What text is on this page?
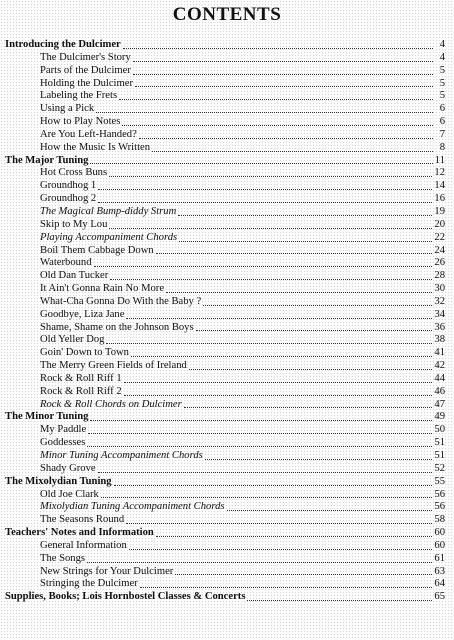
CONTENTS
Introducing the Dulcimer	4
The Dulcimer's Story	4
Parts of the Dulcimer	5
Holding the Dulcimer	5
Labeling the Frets	5
Using a Pick	6
How to Play Notes	6
Are You Left-Handed?	7
How the Music Is Written	8
The Major Tuning	11
Hot Cross Buns	12
Groundhog 1	14
Groundhog 2	16
The Magical Bump-diddy Strum	19
Skip to My Lou	20
Playing Accompaniment Chords	22
Boil Them Cabbage Down	24
Waterbound	26
Old Dan Tucker	28
It Ain't Gonna Rain No More	30
What-Cha Gonna Do With the Baby ?	32
Goodbye, Liza Jane	34
Shame, Shame on the Johnson Boys	36
Old Yeller Dog	38
Goin' Down to Town	41
The Merry Green Fields of Ireland	42
Rock & Roll Riff 1	44
Rock & Roll Riff 2	46
Rock & Roll Chords on Dulcimer	47
The Minor Tuning	49
My Paddle	50
Goddesses	51
Minor Tuning Accompaniment Chords	51
Shady Grove	52
The Mixolydian Tuning	55
Old Joe Clark	56
Mixolydian Tuning Accompaniment Chords	56
The Seasons Round	58
Teachers' Notes and Information	60
General Information	60
The Songs	61
New Strings for Your Dulcimer	63
Stringing the Dulcimer	64
Supplies, Books; Lois Hornbostel Classes & Concerts	65
